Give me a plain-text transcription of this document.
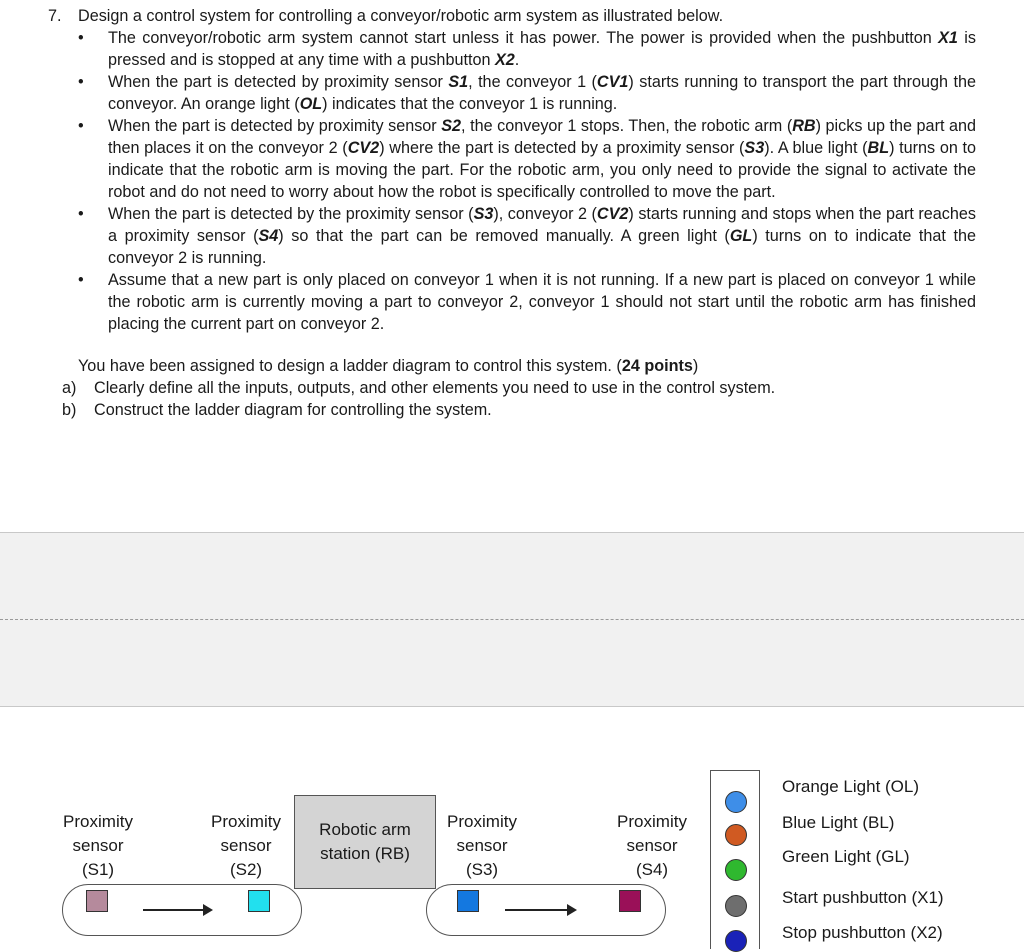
7.	Design a control system for controlling a conveyor/robotic arm system as illustrated below.
• The conveyor/robotic arm system cannot start unless it has power. The power is provided when the pushbutton X1 is pressed and is stopped at any time with a pushbutton X2.
• When the part is detected by proximity sensor S1, the conveyor 1 (CV1) starts running to transport the part through the conveyor. An orange light (OL) indicates that the conveyor 1 is running.
• When the part is detected by proximity sensor S2, the conveyor 1 stops. Then, the robotic arm (RB) picks up the part and then places it on the conveyor 2 (CV2) where the part is detected by a proximity sensor (S3). A blue light (BL) turns on to indicate that the robotic arm is moving the part. For the robotic arm, you only need to provide the signal to activate the robot and do not need to worry about how the robot is specifically controlled to move the part.
• When the part is detected by the proximity sensor (S3), conveyor 2 (CV2) starts running and stops when the part reaches a proximity sensor (S4) so that the part can be removed manually. A green light (GL) turns on to indicate that the conveyor 2 is running.
• Assume that a new part is only placed on conveyor 1 when it is not running. If a new part is placed on conveyor 1 while the robotic arm is currently moving a part to conveyor 2, conveyor 1 should not start until the robotic arm has finished placing the current part on conveyor 2.
You have been assigned to design a ladder diagram to control this system. (24 points)
a)	Clearly define all the inputs, outputs, and other elements you need to use in the control system.
b)	Construct the ladder diagram for controlling the system.
Proximity
sensor
(S1)
Proximity
sensor
(S2)
Proximity
sensor
(S3)
Proximity
sensor
(S4)
Robotic arm
station (RB)
Orange Light (OL)
Blue Light (BL)
Green Light (GL)
Start pushbutton (X1)
Stop pushbutton (X2)
